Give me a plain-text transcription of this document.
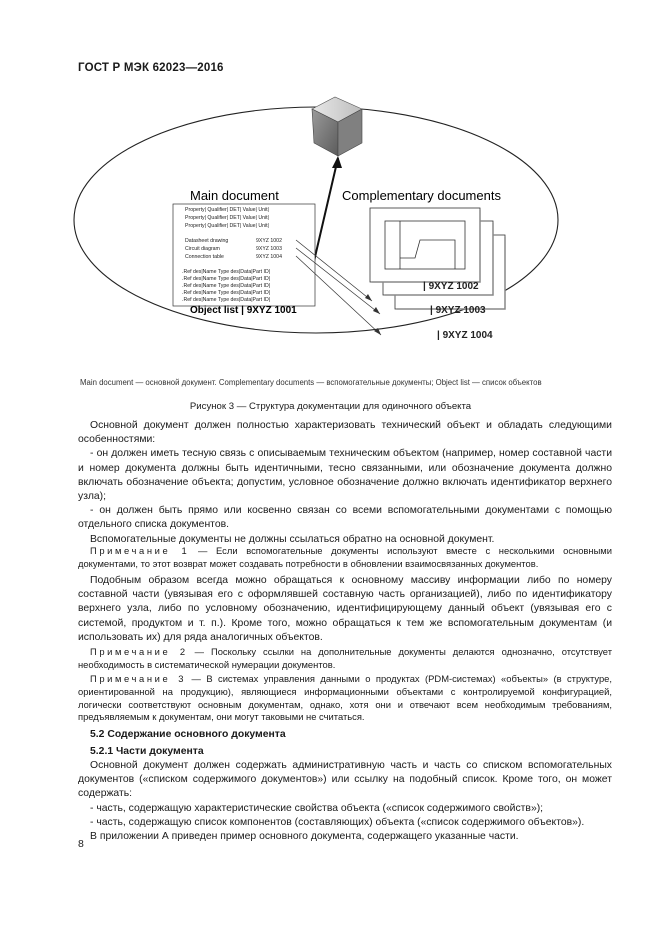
ГОСТ Р МЭК 62023—2016
Main document
Property| Qualifier| DET| Value| Unit|
Property| Qualifier| DET| Value| Unit|
Property| Qualifier| DET| Value| Unit|
Datasheet drawing	9XYZ 1002
Circuit diagram	9XYZ 1003
Connection table	9XYZ 1004
.Ref des|Name Type des|Data|Part ID|
.Ref des|Name Type des|Data|Part ID|
.Ref des|Name Type des|Data|Part ID|
.Ref des|Name Type des|Data|Part ID|
.Ref des|Name Type des|Data|Part ID|
Object list | 9XYZ 1001
Complementary documents
| 9XYZ 1002
| 9XYZ 1003
| 9XYZ 1004
Main document — основной документ. Complementary documents — вспомогательные документы; Object list — список объектов
Рисунок 3 — Структура документации для одиночного объекта

Основной документ должен полностью характеризовать технический объект и обладать следующими особенностями:

- он должен иметь тесную связь с описываемым техническим объектом (например, номер составной части и номер документа должны быть идентичными, тесно связанными, или обозначение документа должно включать обозначение объекта; допустим, условное обозначение должно включать идентификатор верхнего узла);

- он должен быть прямо или косвенно связан со всеми вспомогательными документами с помощью отдельного списка документов.

Вспомогательные документы не должны ссылаться обратно на основной документ.

Примечание 1 — Если вспомогательные документы используют вместе с несколькими основными документами, то этот возврат может создавать потребности в обновлении взаимосвязанных документов.

Подобным образом всегда можно обращаться к основному массиву информации либо по номеру составной части (увязывая его с оформлявшей составную часть организацией), либо по идентификатору верхнего узла, либо по условному обозначению, идентифицирующему данный объект (увязывая его с системой, продуктом и т. п.). Кроме того, можно обращаться к тем же вспомогательным документам (и использовать их) для ряда аналогичных объектов.

Примечание 2 — Поскольку ссылки на дополнительные документы делаются однозначно, отсутствует необходимость в систематической нумерации документов.

Примечание 3 — В системах управления данными о продуктах (PDM-системах) «объекты» (в структуре, ориентированной на продукцию), являющиеся информационными объектами с контролируемой конфигурацией, логически соответствуют основным документам, однако, хотя они и отвечают всем необходимым требованиям, предъявляемым к документам, они могут таковыми не считаться.

5.2 Содержание основного документа
5.2.1 Части документа

Основной документ должен содержать административную часть и часть со списком вспомогательных документов («списком содержимого документов») или ссылку на подобный список. Кроме того, он может содержать:

- часть, содержащую характеристические свойства объекта («список содержимого свойств»);

- часть, содержащую список компонентов (составляющих) объекта («список содержимого объектов»).

В приложении А приведен пример основного документа, содержащего указанные части.

8
